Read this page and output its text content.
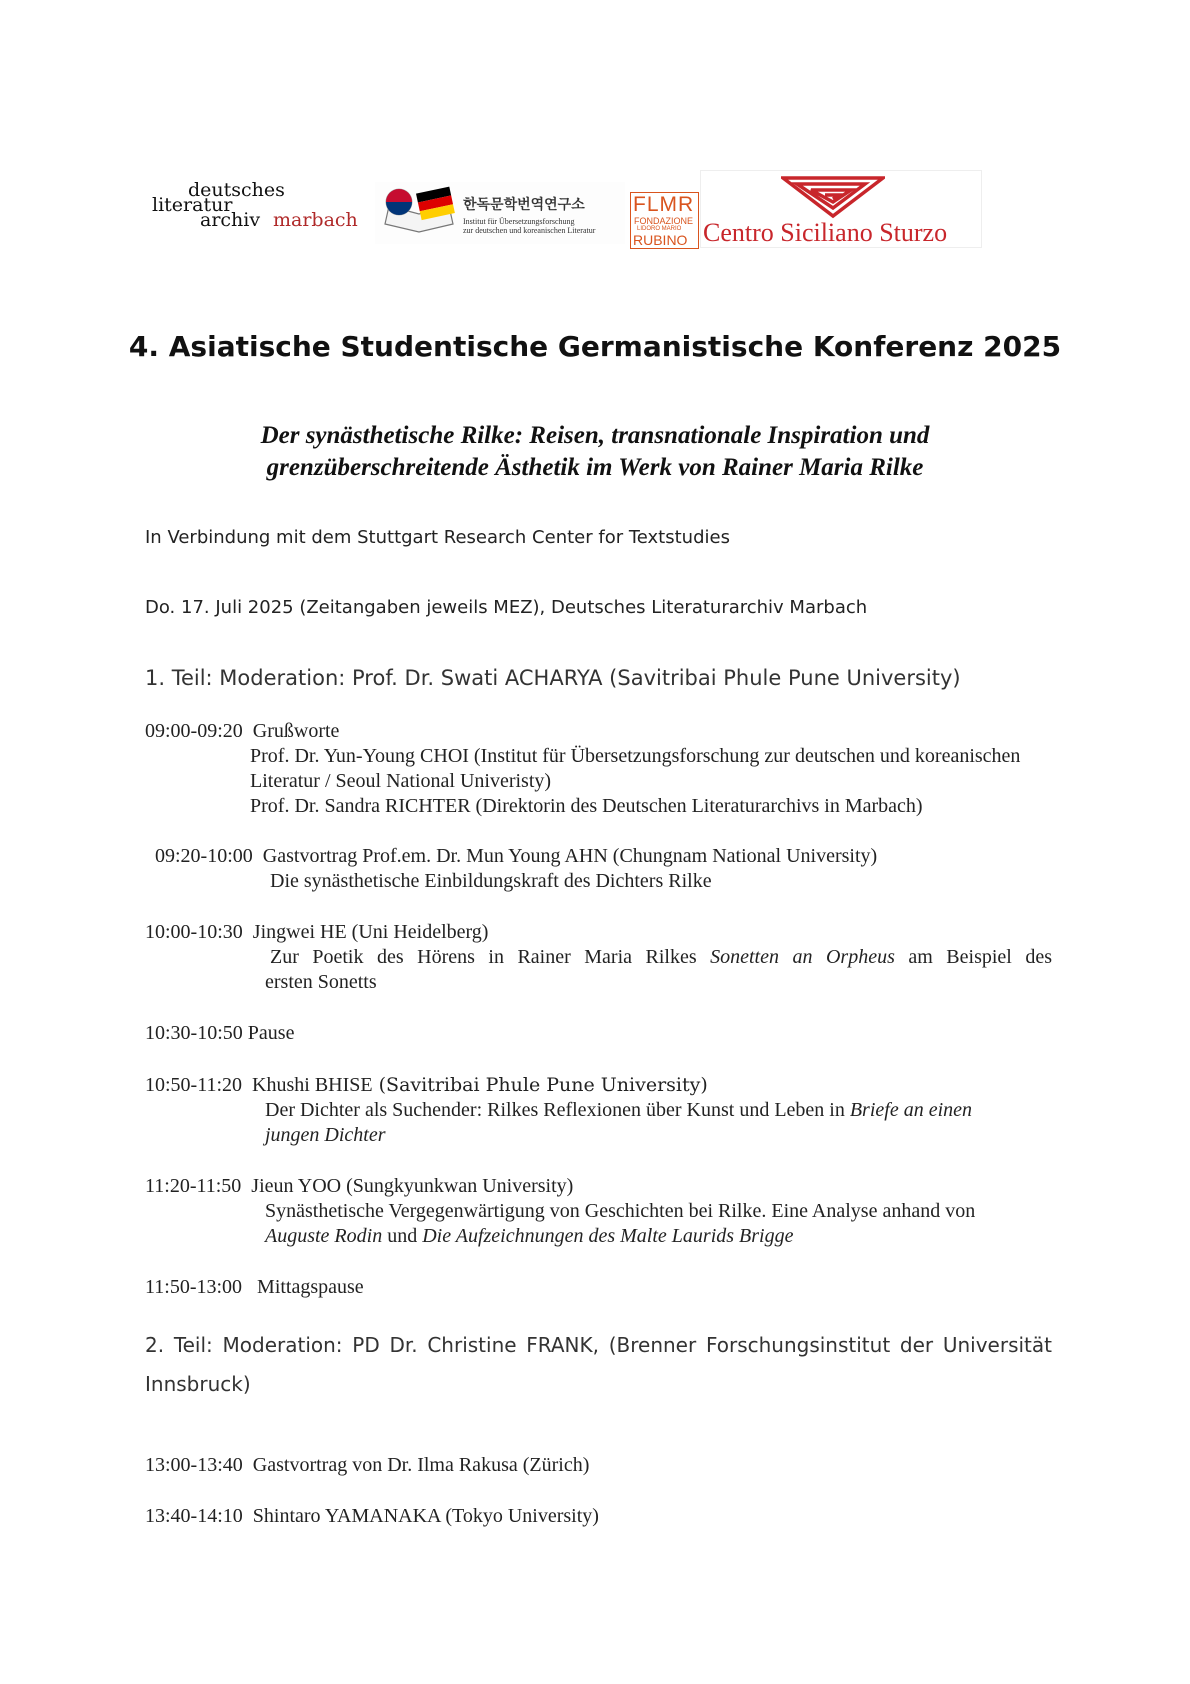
deutsches
literatur
archiv marbach
한독문학번역연구소
Institut für Übersetzungsforschung
zur deutschen und koreanischen Literatur
FLMR
FONDAZIONE
LIDORO MARIO
RUBINO Centro Siciliano Sturzo
4. Asiatische Studentische Germanistische Konferenz 2025
Der synästhetische Rilke: Reisen, transnationale Inspiration und
grenzüberschreitende Ästhetik im Werk von Rainer Maria Rilke
In Verbindung mit dem Stuttgart Research Center for Textstudies
Do. 17. Juli 2025 (Zeitangaben jeweils MEZ), Deutsches Literaturarchiv Marbach
1. Teil: Moderation: Prof. Dr. Swati ACHARYA (Savitribai Phule Pune University)
09:00-09:20 Grußworte
Prof. Dr. Yun-Young CHOI (Institut für Übersetzungsforschung zur deutschen und koreanischen
Literatur / Seoul National Univeristy)
Prof. Dr. Sandra RICHTER (Direktorin des Deutschen Literaturarchivs in Marbach)
09:20-10:00 Gastvortrag Prof.em. Dr. Mun Young AHN (Chungnam National University)
Die synästhetische Einbildungskraft des Dichters Rilke
10:00-10:30 Jingwei HE (Uni Heidelberg)
Zur Poetik des Hörens in Rainer Maria Rilkes Sonetten an Orpheus am Beispiel des
ersten Sonetts
10:30-10:50 Pause
10:50-11:20 Khushi BHISE (Savitribai Phule Pune University)
Der Dichter als Suchender: Rilkes Reflexionen über Kunst und Leben in Briefe an einen
jungen Dichter
11:20-11:50 Jieun YOO (Sungkyunkwan University)
Synästhetische Vergegenwärtigung von Geschichten bei Rilke. Eine Analyse anhand von
Auguste Rodin und Die Aufzeichnungen des Malte Laurids Brigge
11:50-13:00 Mittagspause
2. Teil: Moderation: PD Dr. Christine FRANK, (Brenner Forschungsinstitut der Universität
Innsbruck)
13:00-13:40 Gastvortrag von Dr. Ilma Rakusa (Zürich)
13:40-14:10 Shintaro YAMANAKA (Tokyo University)
